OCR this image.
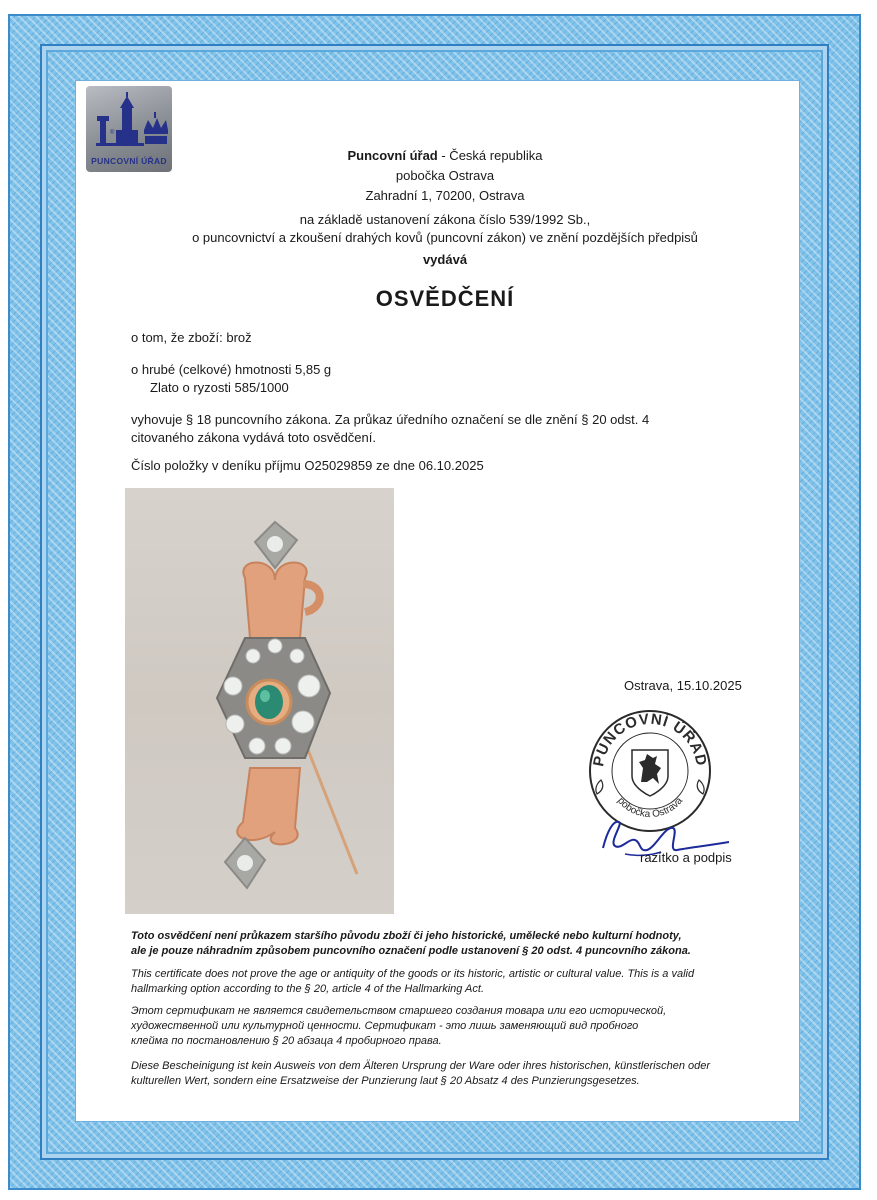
®
PUNCOVNÍ ÚŘAD	Puncovní úřad - Česká republika
pobočka Ostrava
Zahradní 1, 70200, Ostrava
na základě ustanovení zákona číslo 539/1992 Sb.,
o puncovnictví a zkoušení drahých kovů (puncovní zákon) ve znění pozdějších předpisů
vydává
OSVĚDČENÍ
o tom, že zboží: brož
o hrubé (celkové) hmotnosti 5,85 g
Zlato o ryzosti 585/1000
vyhovuje § 18 puncovního zákona. Za průkaz úředního označení se dle znění § 20 odst. 4
citovaného zákona vydává toto osvědčení.
Číslo položky v deníku příjmu O25029859 ze dne 06.10.2025
Ostrava, 15.10.2025
PUNCOVNÍ ÚŘAD
pobočka Ostrava
razítko a podpis
Toto osvědčení není průkazem staršího původu zboží či jeho historické, umělecké nebo kulturní hodnoty,
ale je pouze náhradním způsobem puncovního označení podle ustanovení § 20 odst. 4 puncovního zákona.
This certificate does not prove the age or antiquity of the goods or its historic, artistic or cultural value. This is a valid
hallmarking option according to the § 20, article 4 of the Hallmarking Act.
Этот сертификат не является свидетельством старшего создания товара или его исторической,
художественной или культурной ценности. Сертификат - это лишь заменяющий вид пробного
клейма по постановлению § 20 абзаца 4 пробирного права.
Diese Bescheinigung ist kein Ausweis von dem Älteren Ursprung der Ware oder ihres historischen, künstlerischen oder
kulturellen Wert, sondern eine Ersatzweise der Punzierung laut § 20 Absatz 4 des Punzierungsgesetzes.
